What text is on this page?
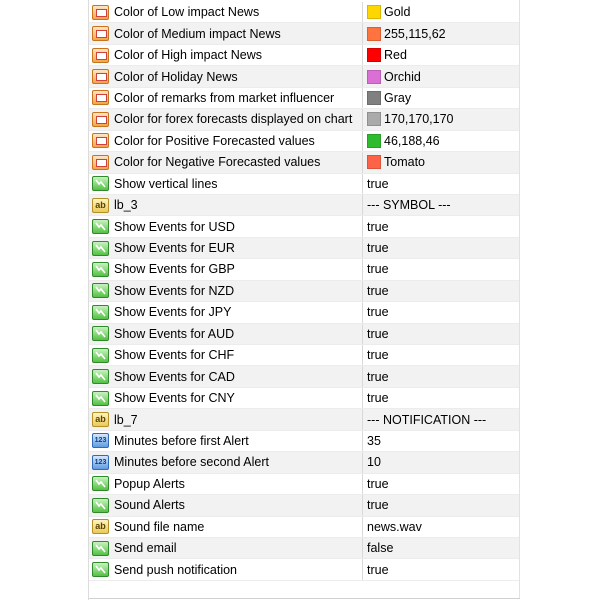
Color of Low impact News	Gold
Color of Medium impact News	255,115,62
Color of High impact News	Red
Color of Holiday News	Orchid
Color of remarks from market influencer	Gray
Color for forex forecasts displayed on chart	170,170,170
Color for Positive Forecasted values	46,188,46
Color for Negative Forecasted values	Tomato
Show vertical lines	true
ab lb_3	--- SYMBOL ---
Show Events for USD	true
Show Events for EUR	true
Show Events for GBP	true
Show Events for NZD	true
Show Events for JPY	true
Show Events for AUD	true
Show Events for CHF	true
Show Events for CAD	true
Show Events for CNY	true
ab lb_7	--- NOTIFICATION ---
123 Minutes before first Alert	35
123 Minutes before second Alert	10
Popup Alerts	true
Sound Alerts	true
ab Sound file name	news.wav
Send email	false
Send push notification	true
